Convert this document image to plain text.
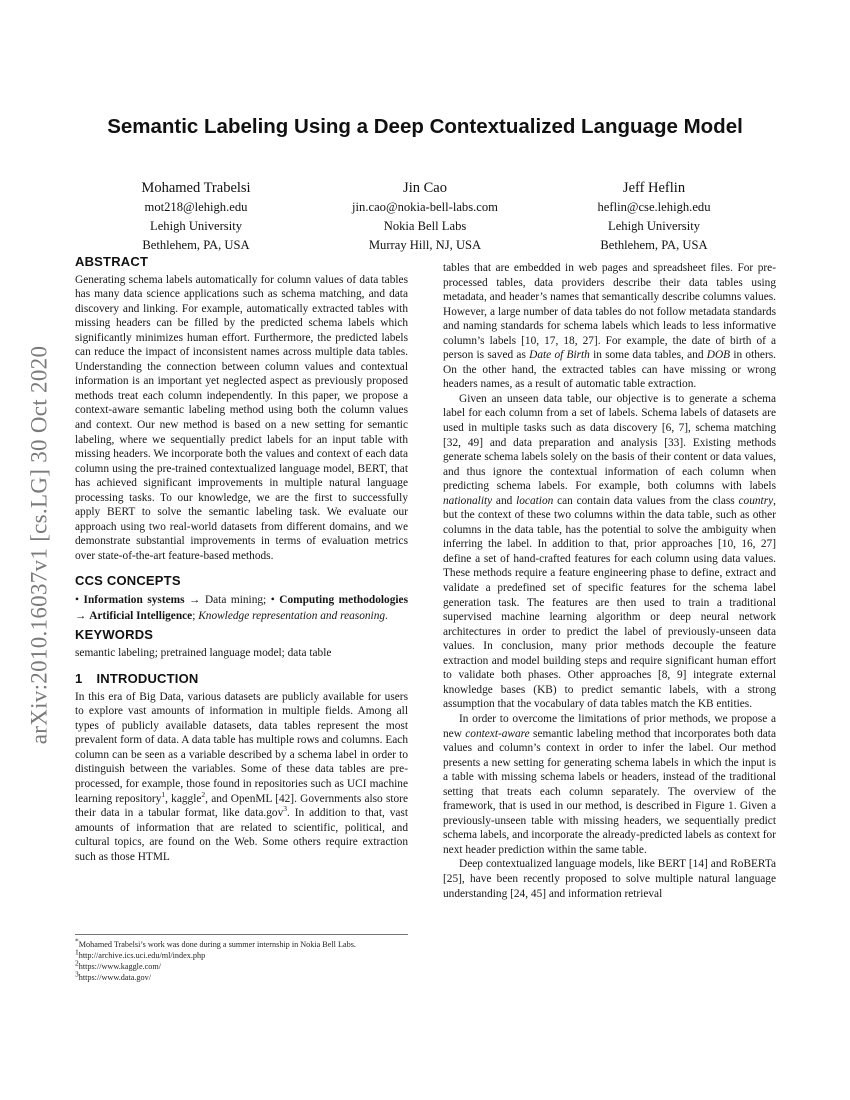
arXiv:2010.16037v1 [cs.LG] 30 Oct 2020
Semantic Labeling Using a Deep Contextualized Language Model
Mohamed Trabelsi
mot218@lehigh.edu
Lehigh University
Bethlehem, PA, USA
Jin Cao
jin.cao@nokia-bell-labs.com
Nokia Bell Labs
Murray Hill, NJ, USA
Jeff Heflin
heflin@cse.lehigh.edu
Lehigh University
Bethlehem, PA, USA
ABSTRACT

Generating schema labels automatically for column values of data tables has many data science applications such as schema matching, and data discovery and linking. For example, automatically extracted tables with missing headers can be filled by the predicted schema labels which significantly minimizes human effort. Furthermore, the predicted labels can reduce the impact of inconsistent names across multiple data tables. Understanding the connection between column values and contextual information is an important yet neglected aspect as previously proposed methods treat each column independently. In this paper, we propose a context-aware semantic labeling method using both the column values and context. Our new method is based on a new setting for semantic labeling, where we sequentially predict labels for an input table with missing headers. We incorporate both the values and context of each data column using the pre-trained contextualized language model, BERT, that has achieved significant improvements in multiple natural language processing tasks. To our knowledge, we are the first to successfully apply BERT to solve the semantic labeling task. We evaluate our approach using two real-world datasets from different domains, and we demonstrate substantial improvements in terms of evaluation metrics over state-of-the-art feature-based methods.

CCS CONCEPTS

• Information systems → Data mining; • Computing methodologies → Artificial Intelligence; Knowledge representation and reasoning.

KEYWORDS

semantic labeling; pretrained language model; data table

1 INTRODUCTION

In this era of Big Data, various datasets are publicly available for users to explore vast amounts of information in multiple fields. Among all types of publicly available datasets, data tables represent the most prevalent form of data. A data table has multiple rows and columns. Each column can be seen as a variable described by a schema label in order to distinguish between the variables. Some of these data tables are pre-processed, for example, those found in repositories such as UCI machine learning repository$^1$, kaggle$^2$, and OpenML [42]. Governments also store their data in a tabular format, like data.gov$^3$. In addition to that, vast amounts of information that are related to scientific, political, and cultural topics, are found on the Web. Some others require extraction such as those HTML

*Mohamed Trabelsi’s work was done during a summer internship in Nokia Bell Labs.
$^1$http://archive.ics.uci.edu/ml/index.php
$^2$https://www.kaggle.com/
$^3$https://www.data.gov/

tables that are embedded in web pages and spreadsheet files. For pre-processed tables, data providers describe their data tables using metadata, and header’s names that semantically describe columns values. However, a large number of data tables do not follow metadata standards and naming standards for schema labels which leads to less informative column’s labels [10, 17, 18, 27]. For example, the date of birth of a person is saved as Date of Birth in some data tables, and DOB in others. On the other hand, the extracted tables can have missing or wrong headers names, as a result of automatic table extraction.

Given an unseen data table, our objective is to generate a schema label for each column from a set of labels. Schema labels of datasets are used in multiple tasks such as data discovery [6, 7], schema matching [32, 49] and data preparation and analysis [33]. Existing methods generate schema labels solely on the basis of their content or data values, and thus ignore the contextual information of each column when predicting schema labels. For example, both columns with labels nationality and location can contain data values from the class country, but the context of these two columns within the data table, such as other columns in the data table, has the potential to solve the ambiguity when inferring the label. In addition to that, prior approaches [10, 16, 27] define a set of hand-crafted features for each column using data values. These methods require a feature engineering phase to define, extract and validate a predefined set of specific features for the schema label generation task. The features are then used to train a traditional supervised machine learning algorithm or deep neural network architectures in order to predict the label of previously-unseen data values. In conclusion, many prior methods decouple the feature extraction and model building steps and require significant human effort to validate both phases. Other approaches [8, 9] integrate external knowledge bases (KB) to predict semantic labels, with a strong assumption that the vocabulary of data tables match the KB entities.

In order to overcome the limitations of prior methods, we propose a new context-aware semantic labeling method that incorporates both data values and column’s context in order to infer the label. Our method presents a new setting for generating schema labels in which the input is a table with missing schema labels or headers, instead of the traditional setting that treats each column separately. The overview of the framework, that is used in our method, is described in Figure 1. Given a previously-unseen table with missing headers, we sequentially predict schema labels, and incorporate the already-predicted labels as context for next header prediction within the same table.

Deep contextualized language models, like BERT [14] and RoBERTa [25], have been recently proposed to solve multiple natural language understanding [24, 45] and information retrieval
